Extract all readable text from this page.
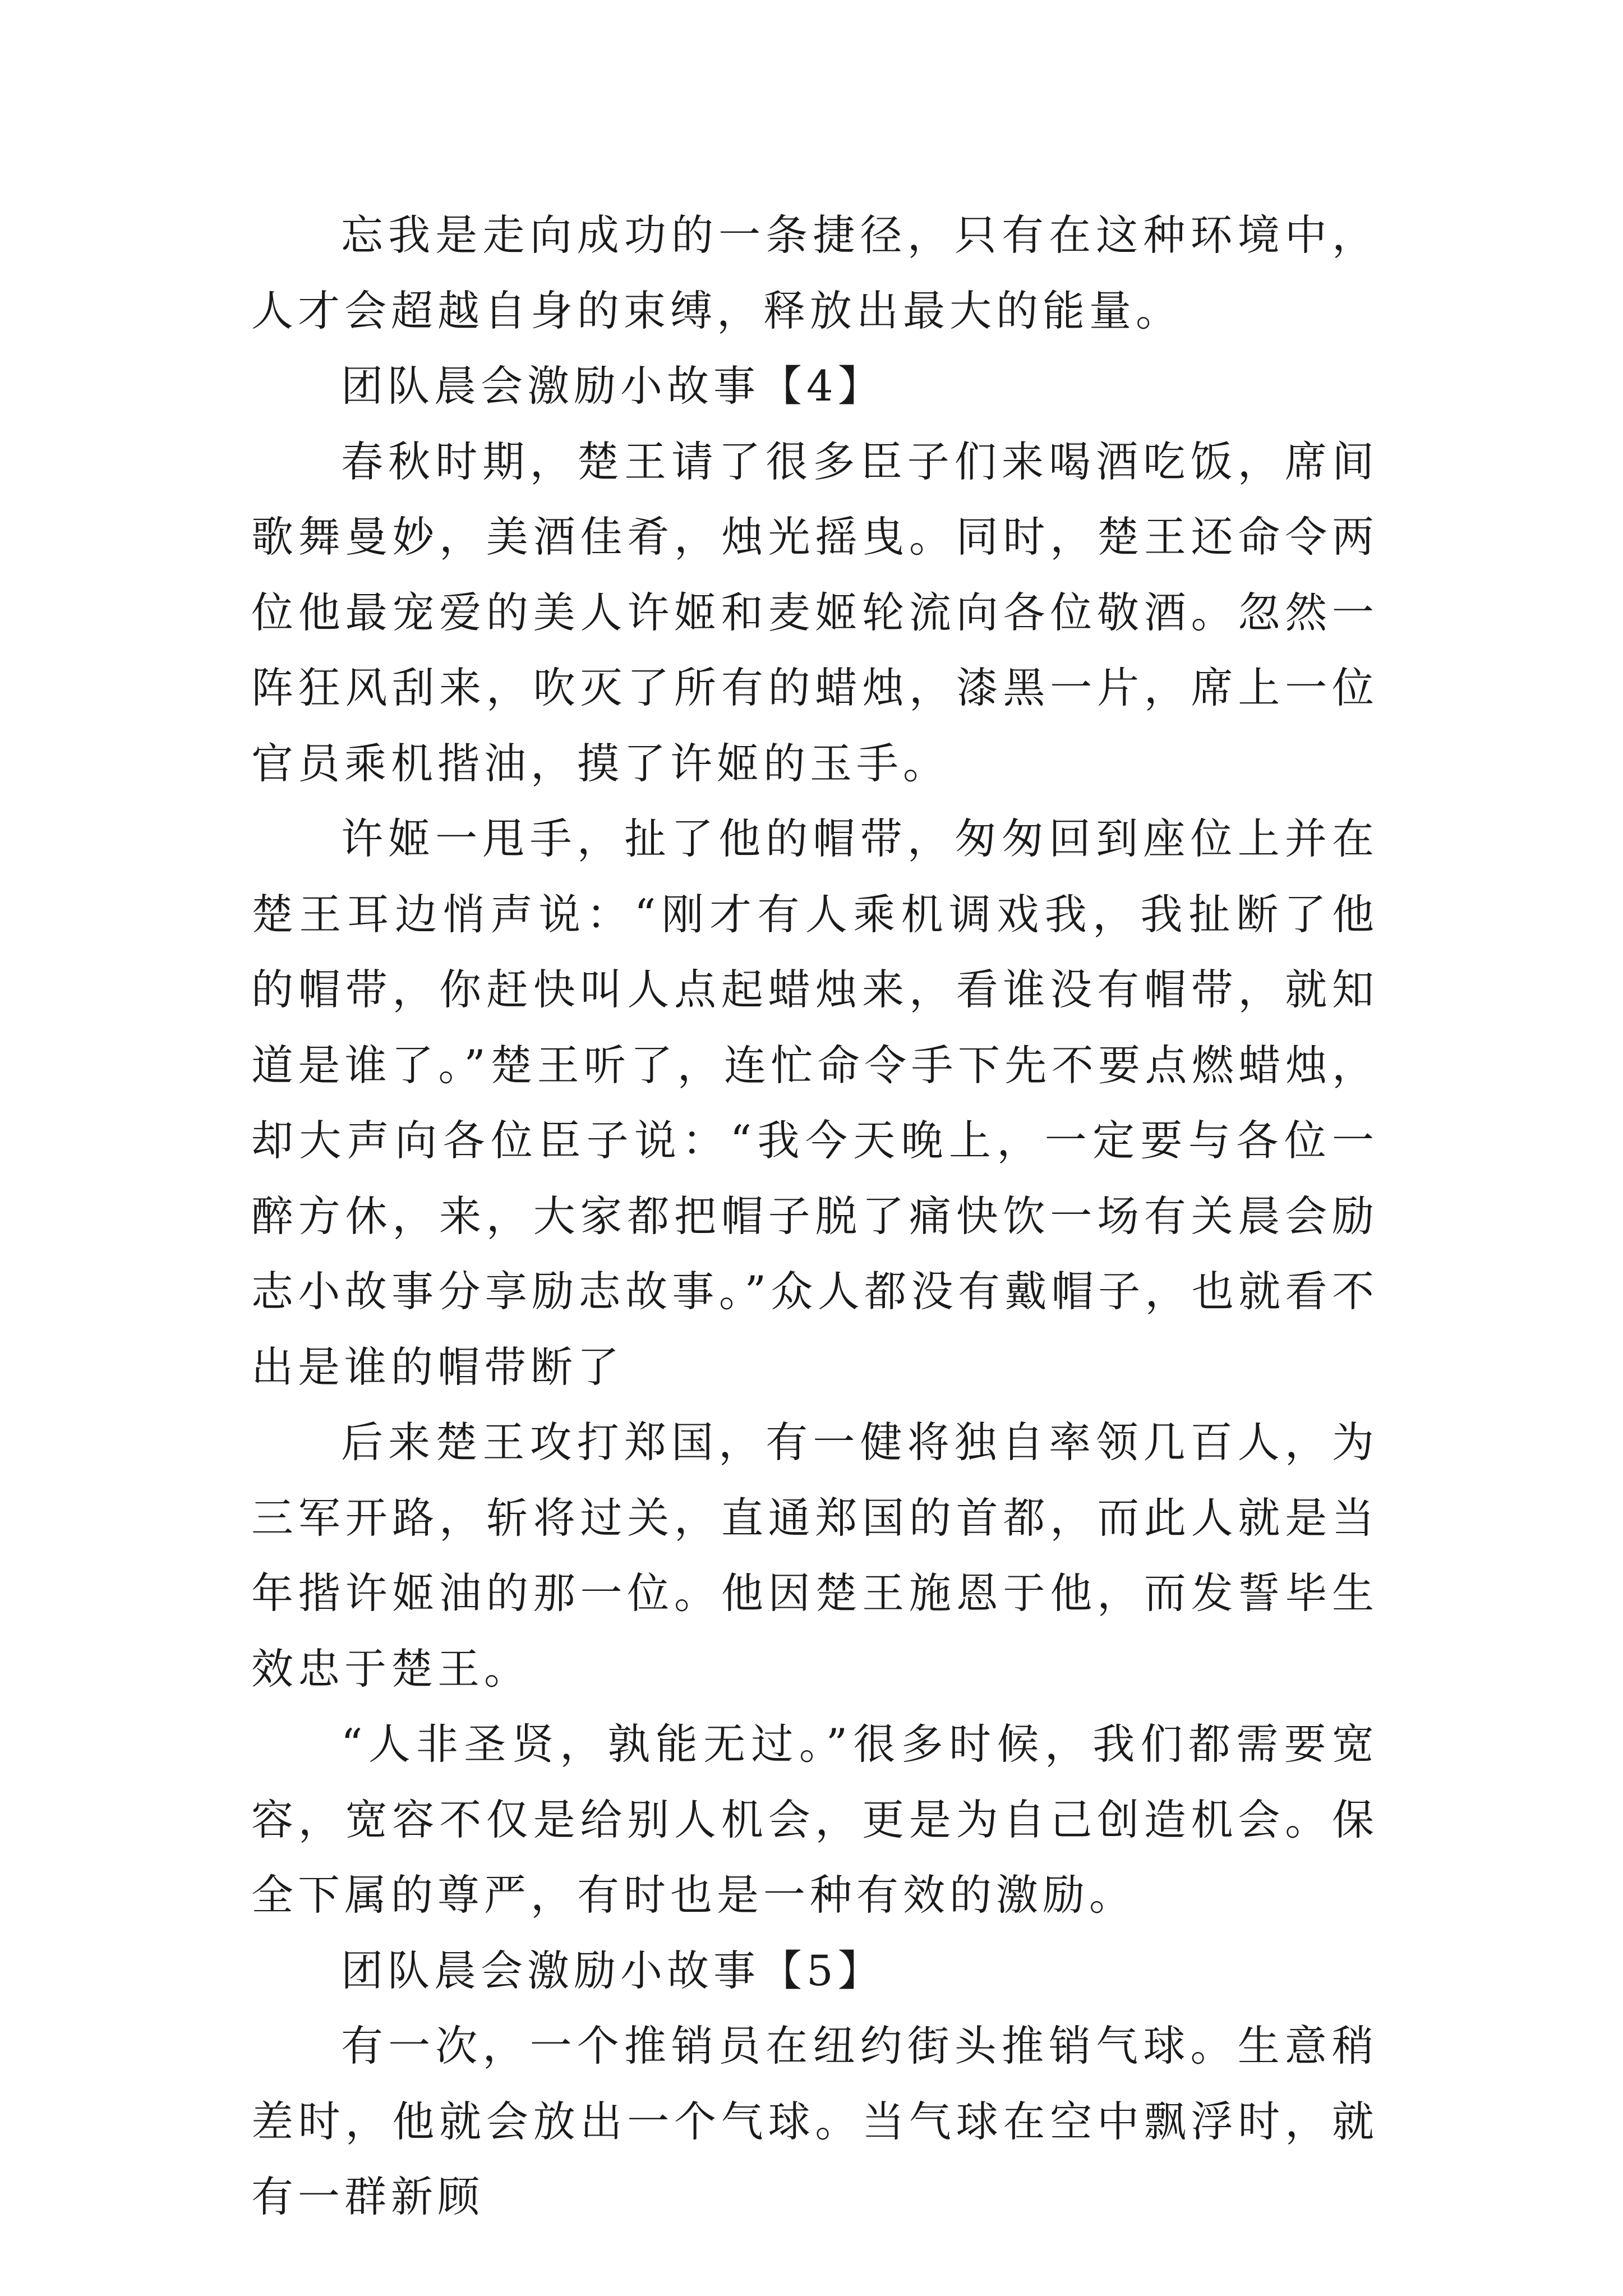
忘我是走向成功的一条捷径，只有在这种环境中，人才会超越自身的束缚，释放出最大的能量。

团队晨会激励小故事【4】

春秋时期，楚王请了很多臣子们来喝酒吃饭，席间歌舞曼妙，美酒佳肴，烛光摇曳。同时，楚王还命令两位他最宠爱的美人许姬和麦姬轮流向各位敬酒。忽然一阵狂风刮来，吹灭了所有的蜡烛，漆黑一片，席上一位官员乘机揩油，摸了许姬的玉手。

许姬一甩手，扯了他的帽带，匆匆回到座位上并在楚王耳边悄声说：“刚才有人乘机调戏我，我扯断了他的帽带，你赶快叫人点起蜡烛来，看谁没有帽带，就知道是谁了。”楚王听了，连忙命令手下先不要点燃蜡烛，却大声向各位臣子说：“我今天晚上，一定要与各位一醉方休，来，大家都把帽子脱了痛快饮一场有关晨会励志小故事分享励志故事。”众人都没有戴帽子，也就看不出是谁的帽带断了

后来楚王攻打郑国，有一健将独自率领几百人，为三军开路，斩将过关，直通郑国的首都，而此人就是当年揩许姬油的那一位。他因楚王施恩于他，而发誓毕生效忠于楚王。

“人非圣贤，孰能无过。”很多时候，我们都需要宽容，宽容不仅是给别人机会，更是为自己创造机会。保全下属的尊严，有时也是一种有效的激励。

团队晨会激励小故事【5】

有一次，一个推销员在纽约街头推销气球。生意稍差时，他就会放出一个气球。当气球在空中飘浮时，就有一群新顾
